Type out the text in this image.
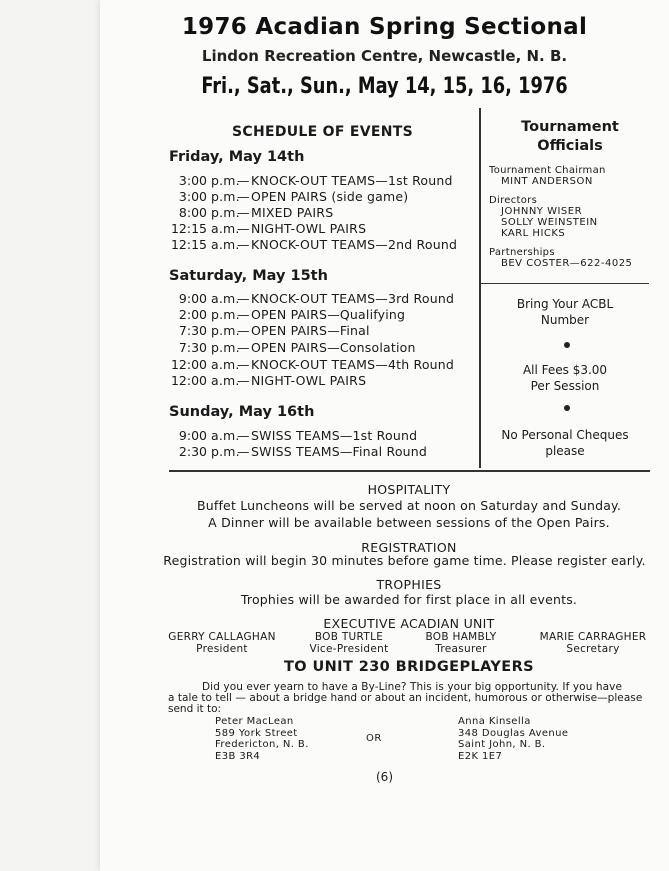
1976 Acadian Spring Sectional
Lindon Recreation Centre, Newcastle, N. B.
Fri., Sat., Sun., May 14, 15, 16, 1976
SCHEDULE OF EVENTS
Friday, May 14th
3:00 p.m.
— KNOCK-OUT TEAMS—1st Round
3:00 p.m.
— OPEN PAIRS (side game)
8:00 p.m.
— MIXED PAIRS
12:15 a.m.
— NIGHT-OWL PAIRS
12:15 a.m.
— KNOCK-OUT TEAMS—2nd Round
Saturday, May 15th
9:00 a.m.
— KNOCK-OUT TEAMS—3rd Round
2:00 p.m.
— OPEN PAIRS—Qualifying
7:30 p.m.
— OPEN PAIRS—Final
7:30 p.m.
— OPEN PAIRS—Consolation
12:00 a.m.
— KNOCK-OUT TEAMS—4th Round
12:00 a.m.
— NIGHT-OWL PAIRS
Sunday, May 16th
9:00 a.m.
— SWISS TEAMS—1st Round
2:30 p.m.
— SWISS TEAMS—Final Round
Tournament
Officials
Tournament Chairman
MINT ANDERSON
Directors
JOHNNY WISER
SOLLY WEINSTEIN
KARL HICKS
Partnerships
BEV COSTER—622-4025
Bring Your ACBL
Number
All Fees $3.00
Per Session
No Personal Cheques
please
HOSPITALITY
Buffet Luncheons will be served at noon on Saturday and Sunday.
A Dinner will be available between sessions of the Open Pairs.
REGISTRATION
Registration will begin 30 minutes before game time. Please register early.
TROPHIES
Trophies will be awarded for first place in all events.
EXECUTIVE ACADIAN UNIT
GERRY CALLAGHAN
President
BOB TURTLE
Vice-President
BOB HAMBLY
Treasurer
MARIE CARRAGHER
Secretary
TO UNIT 230 BRIDGEPLAYERS
Did you ever yearn to have a By-Line? This is your big opportunity. If you have
a tale to tell — about a bridge hand or about an incident, humorous or otherwise—please
send it to:
Peter MacLean
589 York Street
Fredericton, N. B.
E3B 3R4
OR
Anna Kinsella
348 Douglas Avenue
Saint John, N. B.
E2K 1E7
(6)
